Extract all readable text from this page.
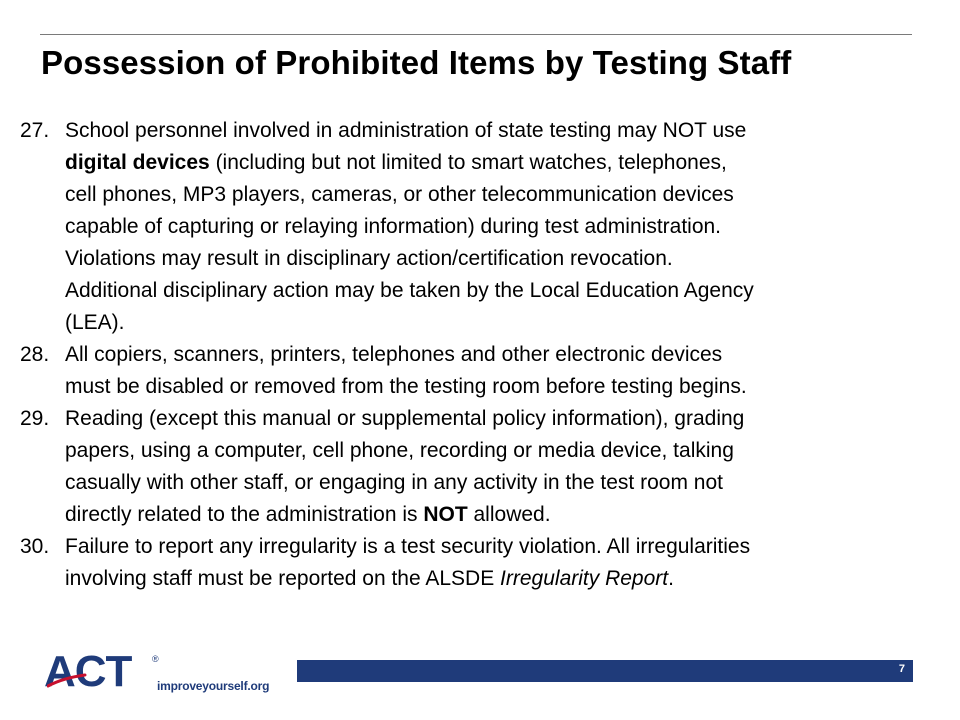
Possession of Prohibited Items by Testing Staff
27. School personnel involved in administration of state testing may NOT use
digital devices (including but not limited to smart watches, telephones,
cell phones, MP3 players, cameras, or other telecommunication devices
capable of capturing or relaying information) during test administration.
Violations may result in disciplinary action/certification revocation.
Additional disciplinary action may be taken by the Local Education Agency
(LEA).
28. All copiers, scanners, printers, telephones and other electronic devices
must be disabled or removed from the testing room before testing begins.
29. Reading (except this manual or supplemental policy information), grading
papers, using a computer, cell phone, recording or media device, talking
casually with other staff, or engaging in any activity in the test room not
directly related to the administration is NOT allowed.
30. Failure to report any irregularity is a test security violation. All irregularities
involving staff must be reported on the ALSDE Irregularity Report.
ACT ®
improveyourself.org
7
